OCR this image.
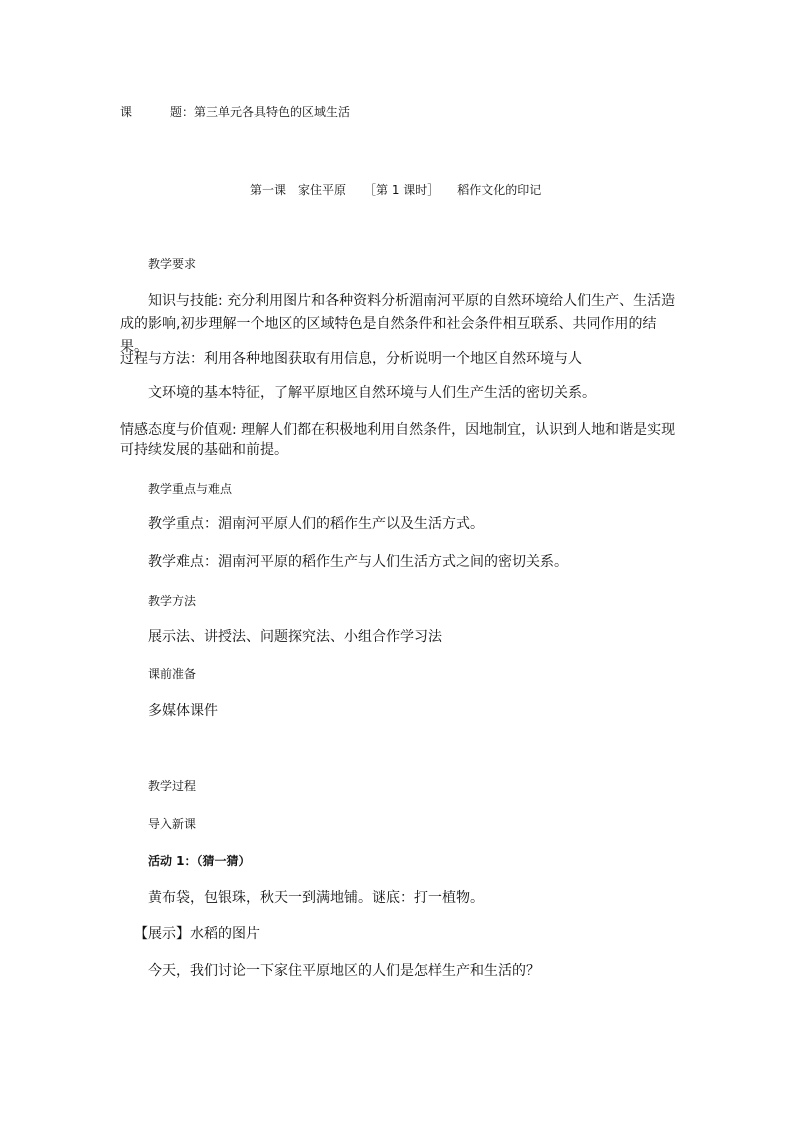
课	题：第三单元各具特色的区域生活
第一课　家住平原 ［第 1 课时］ 稻作文化的印记
教学要求
知识与技能: 充分利用图片和各种资料分析湄南河平原的自然环境给人们生产、生活造成的影响,初步理解一个地区的区域特色是自然条件和社会条件相互联系、共同作用的结果。
过程与方法：利用各种地图获取有用信息，分析说明一个地区自然环境与人
文环境的基本特征，了解平原地区自然环境与人们生产生活的密切关系。
情感态度与价值观: 理解人们都在积极地利用自然条件，因地制宜，认识到人地和谐是实现可持续发展的基础和前提。
教学重点与难点
教学重点：湄南河平原人们的稻作生产以及生活方式。
教学难点：湄南河平原的稻作生产与人们生活方式之间的密切关系。
教学方法
展示法、讲授法、问题探究法、小组合作学习法
课前准备
多媒体课件
教学过程
导入新课
活动 1：（猜一猜）
黄布袋，包银珠，秋天一到满地铺。谜底：打一植物。
【展示】水稻的图片
今天，我们讨论一下家住平原地区的人们是怎样生产和生活的？
